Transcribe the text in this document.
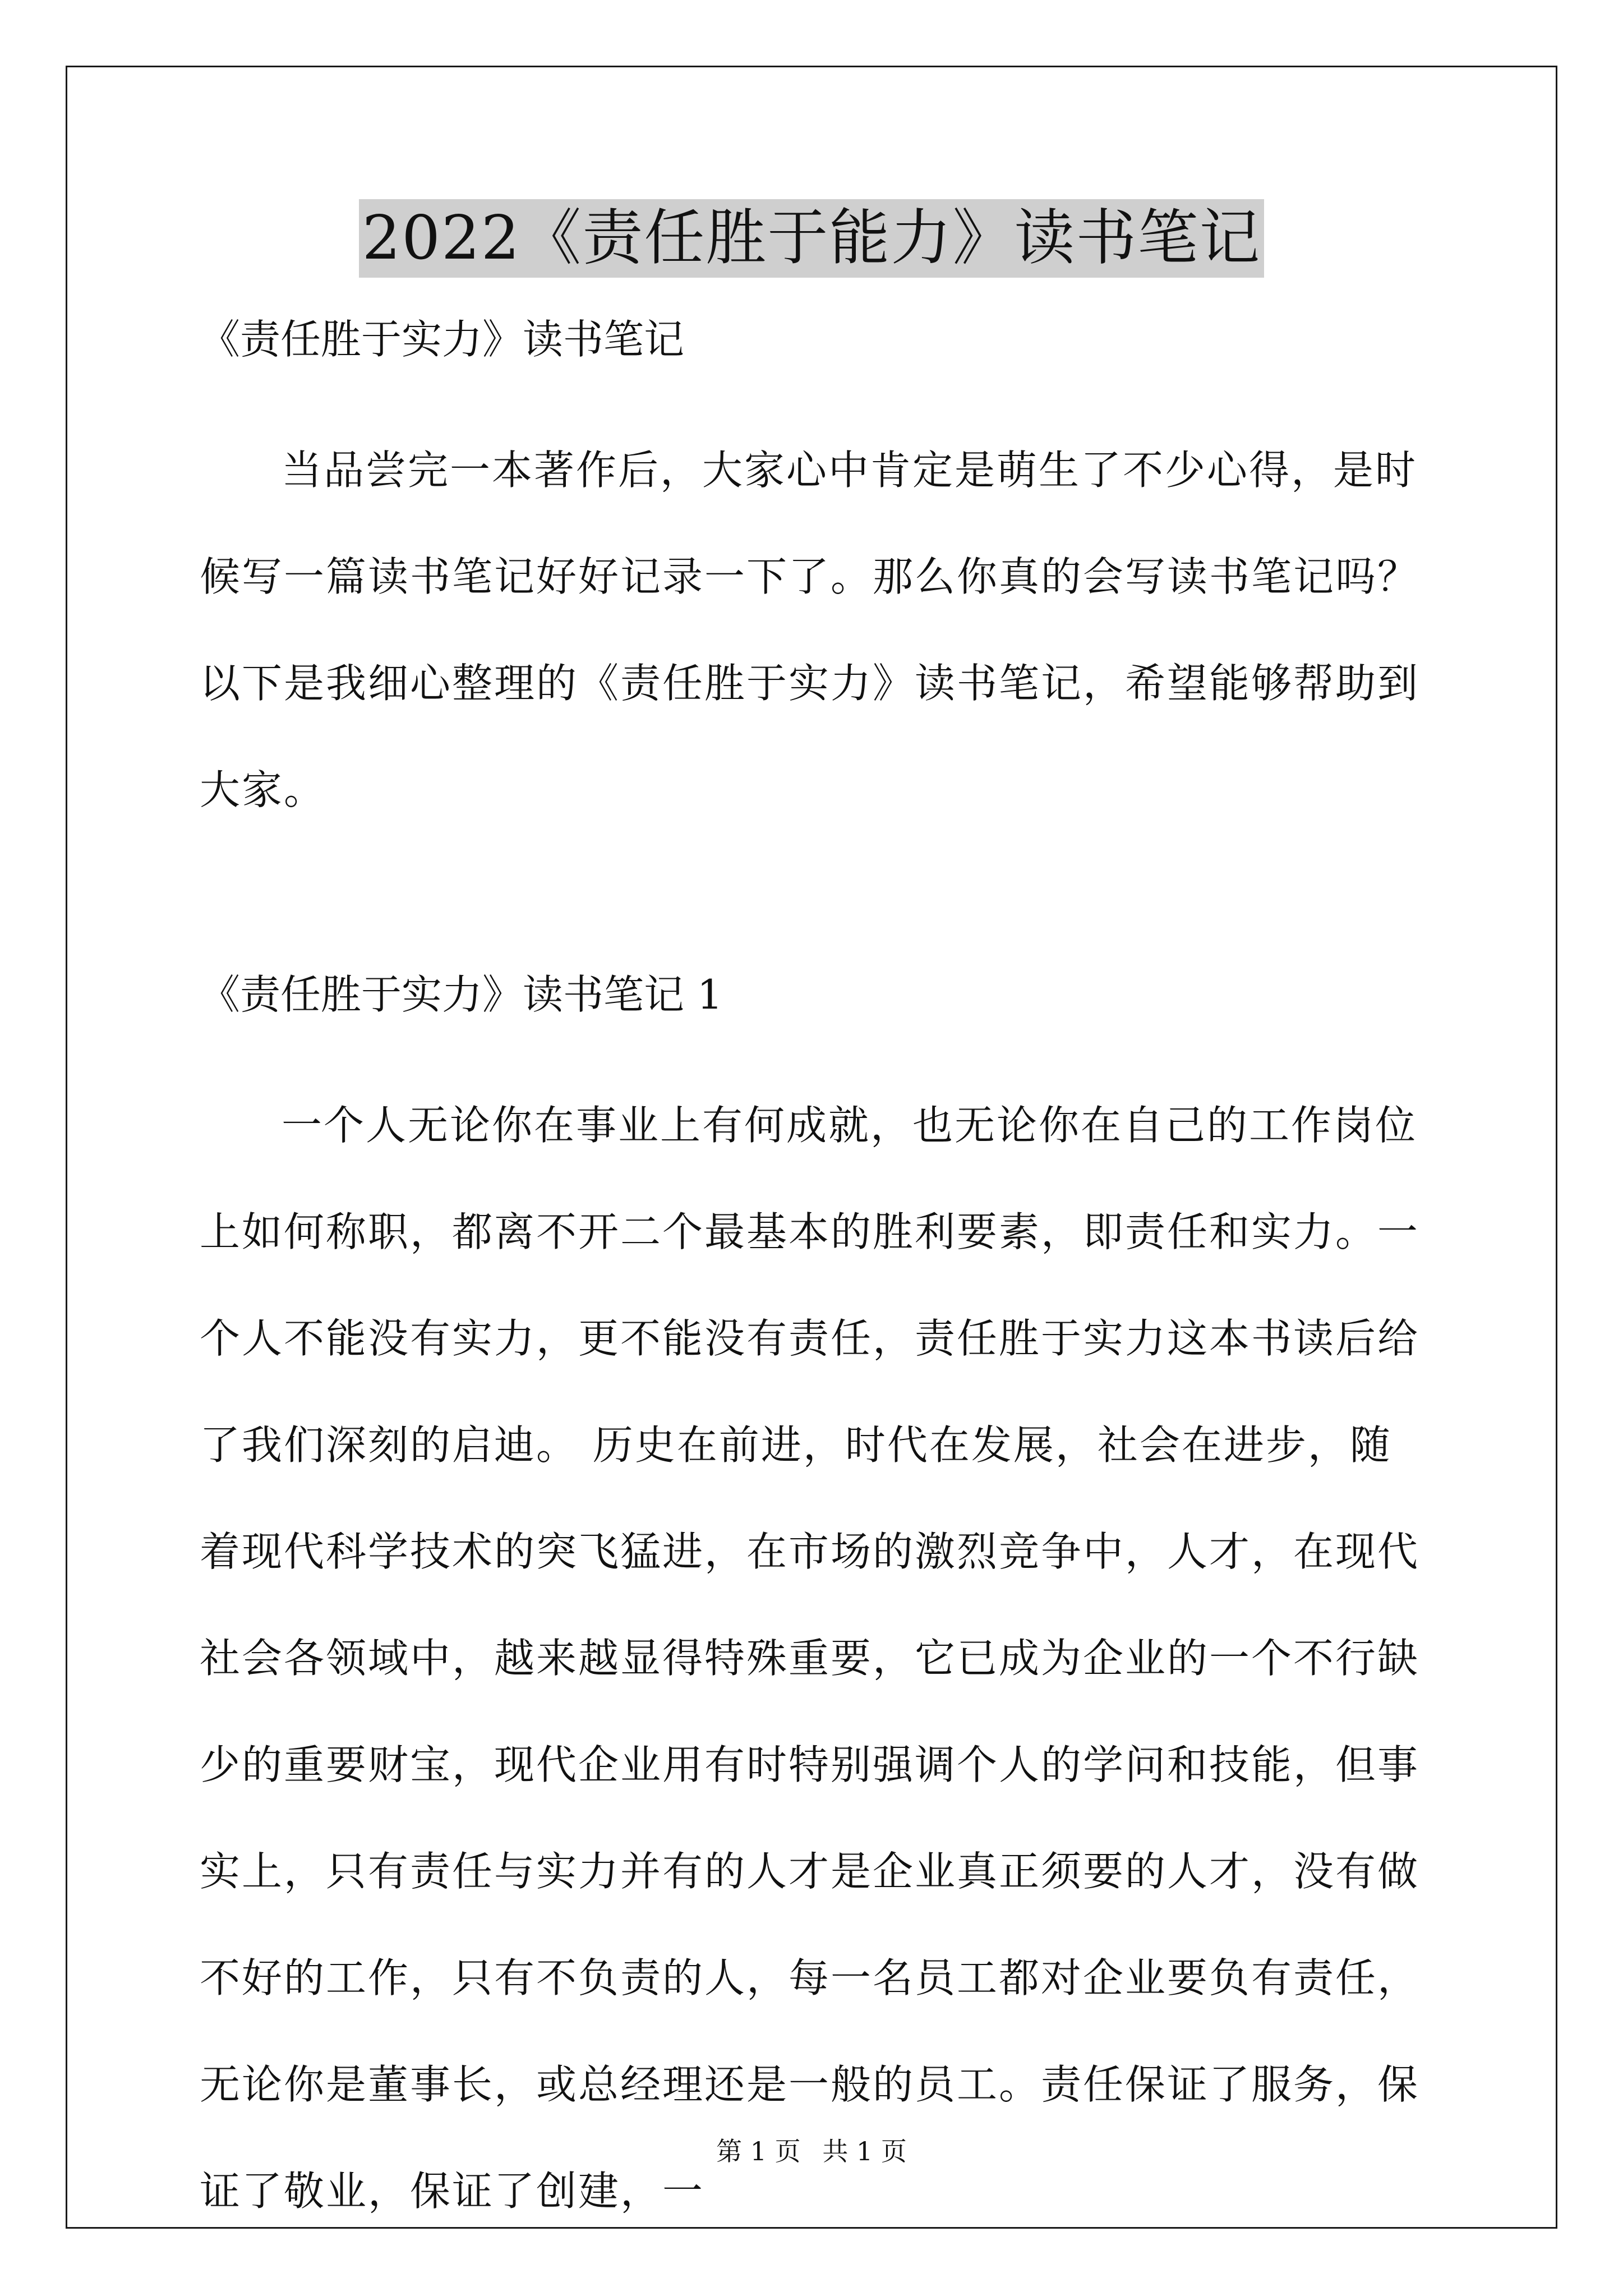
2022《责任胜于能力》读书笔记

《责任胜于实力》读书笔记

当品尝完一本著作后，大家心中肯定是萌生了不少心得，是时候写一篇读书笔记好好记录一下了。那么你真的会写读书笔记吗？以下是我细心整理的《责任胜于实力》读书笔记，希望能够帮助到大家。

《责任胜于实力》读书笔记 1

一个人无论你在事业上有何成就，也无论你在自己的工作岗位上如何称职，都离不开二个最基本的胜利要素，即责任和实力。一个人不能没有实力，更不能没有责任，责任胜于实力这本书读后给了我们深刻的启迪。 历史在前进，时代在发展，社会在进步，随着现代科学技术的突飞猛进，在市场的激烈竞争中，人才，在现代社会各领域中，越来越显得特殊重要，它已成为企业的一个不行缺少的重要财宝，现代企业用有时特别强调个人的学问和技能，但事实上，只有责任与实力并有的人才是企业真正须要的人才，没有做不好的工作，只有不负责的人，每一名员工都对企业要负有责任，无论你是董事长，或总经理还是一般的员工。责任保证了服务，保证了敬业，保证了创建，一

第 1 页 共 1 页
